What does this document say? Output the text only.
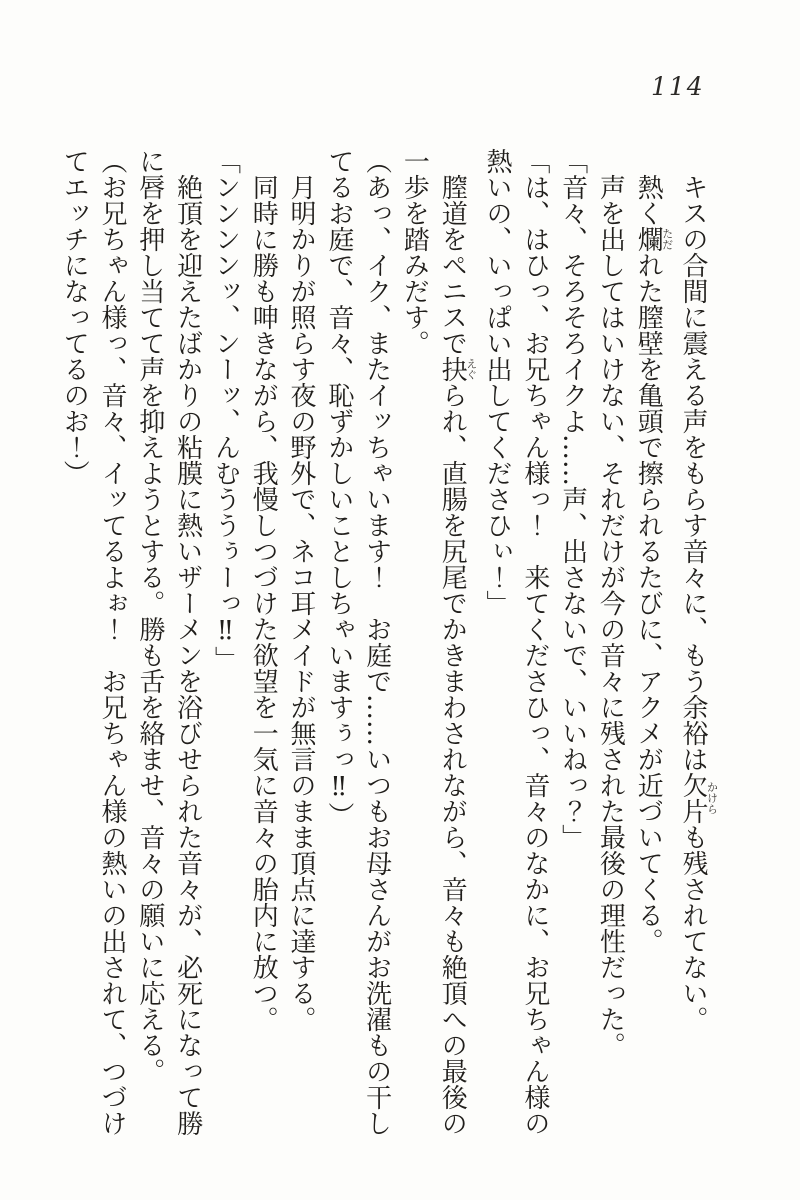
114
キスの合間に震える声をもらす音々に、もう余裕は欠片かけらも残されてない。
熱く爛ただれた膣壁を亀頭で擦られるたびに、アクメが近づいてくる。
声を出してはいけない、それだけが今の音々に残された最後の理性だった。
「音々、そろそろイクよ……声、出さないで、いいねっ？」
「は、はひっ、お兄ちゃん様っ！　来てくださひっ、音々のなかに、お兄ちゃん様の
熱いの、いっぱい出してくださひぃ！」
膣道をペニスで抉えぐられ、直腸を尻尾でかきまわされながら、音々も絶頂への最後の
一歩を踏みだす。
（あっ、イク、またイッちゃいます！　お庭で……いつもお母さんがお洗濯もの干し
てるお庭で、音々、恥ずかしいことしちゃいますぅっ‼）
月明かりが照らす夜の野外で、ネコ耳メイドが無言のまま頂点に達する。
同時に勝も呻きながら、我慢しつづけた欲望を一気に音々の胎内に放つ。
「ンンンンッ、ンーッ、んむううぅーっ‼」
絶頂を迎えたばかりの粘膜に熱いザーメンを浴びせられた音々が、必死になって勝
に唇を押し当てて声を抑えようとする。勝も舌を絡ませ、音々の願いに応える。
（お兄ちゃん様っ、音々、イッてるよぉ！　お兄ちゃん様の熱いの出されて、つづけ
てエッチになってるのお！）
